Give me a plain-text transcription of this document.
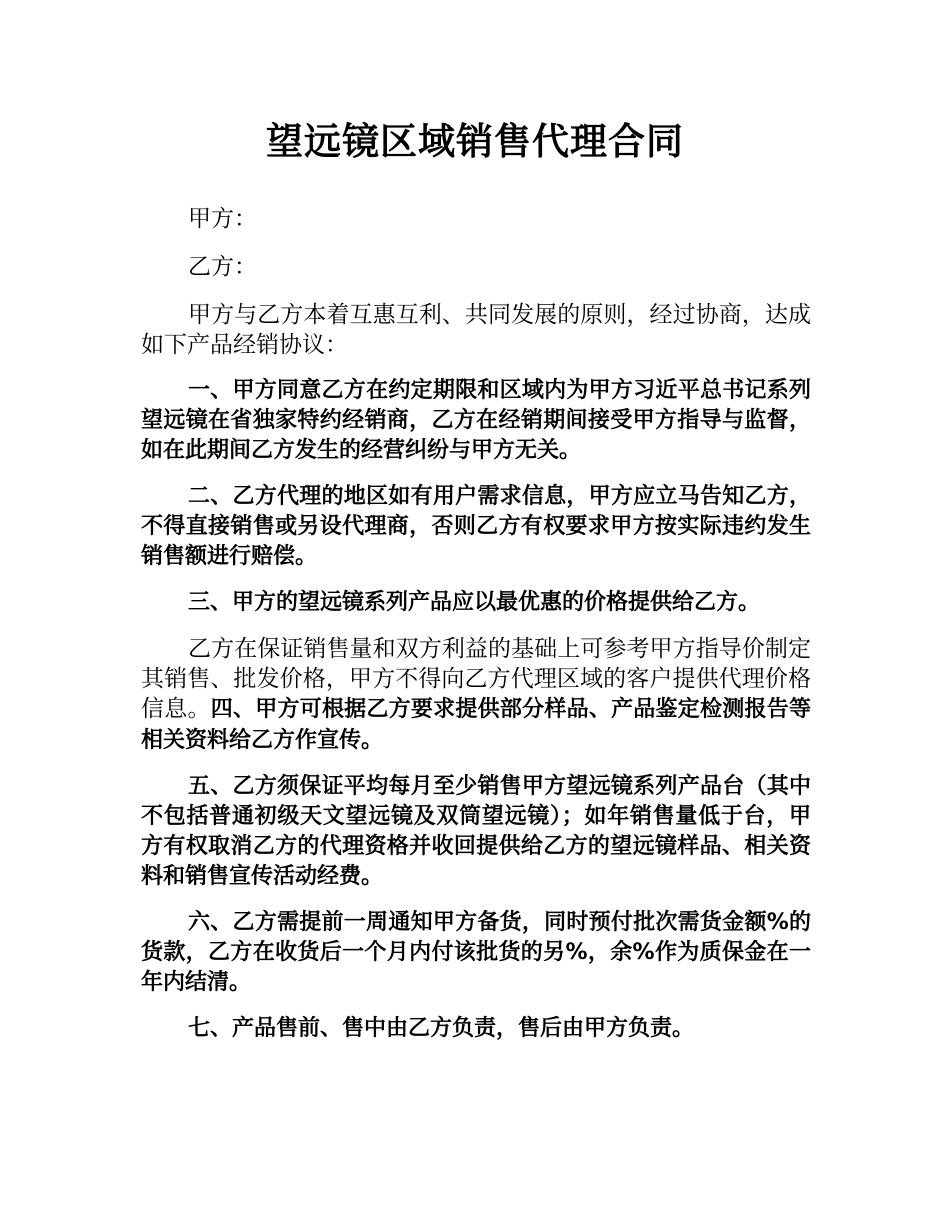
望远镜区域销售代理合同

甲方：

乙方：

甲方与乙方本着互惠互利、共同发展的原则，经过协商，达成如下产品经销协议：

一、甲方同意乙方在约定期限和区域内为甲方习近平总书记系列望远镜在省独家特约经销商，乙方在经销期间接受甲方指导与监督，如在此期间乙方发生的经营纠纷与甲方无关。

二、乙方代理的地区如有用户需求信息，甲方应立马告知乙方，不得直接销售或另设代理商，否则乙方有权要求甲方按实际违约发生销售额进行赔偿。

三、甲方的望远镜系列产品应以最优惠的价格提供给乙方。

乙方在保证销售量和双方利益的基础上可参考甲方指导价制定其销售、批发价格，甲方不得向乙方代理区域的客户提供代理价格信息。四、甲方可根据乙方要求提供部分样品、产品鉴定检测报告等相关资料给乙方作宣传。

五、乙方须保证平均每月至少销售甲方望远镜系列产品台（其中不包括普通初级天文望远镜及双筒望远镜）；如年销售量低于台，甲方有权取消乙方的代理资格并收回提供给乙方的望远镜样品、相关资料和销售宣传活动经费。

六、乙方需提前一周通知甲方备货，同时预付批次需货金额%的货款，乙方在收货后一个月内付该批货的另%，余%作为质保金在一年内结清。

七、产品售前、售中由乙方负责，售后由甲方负责。
